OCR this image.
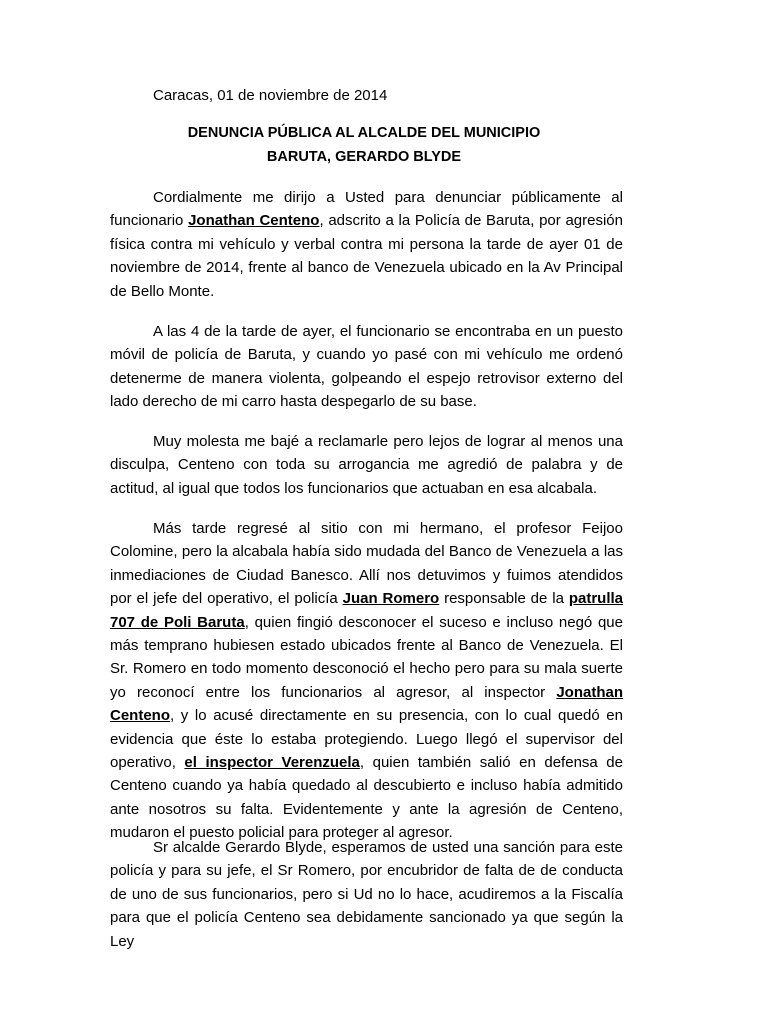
Caracas, 01 de noviembre de 2014
DENUNCIA PÚBLICA AL ALCALDE DEL MUNICIPIO
BARUTA, GERARDO BLYDE

Cordialmente me dirijo a Usted para denunciar públicamente al funcionario Jonathan Centeno, adscrito a la Policía de Baruta, por agresión física contra mi vehículo y verbal contra mi persona la tarde de ayer 01 de noviembre de 2014, frente al banco de Venezuela ubicado en la Av Principal de Bello Monte.

A las 4 de la tarde de ayer, el funcionario se encontraba en un puesto móvil de policía de Baruta, y cuando yo pasé con mi vehículo me ordenó detenerme de manera violenta, golpeando el espejo retrovisor externo del lado derecho de mi carro hasta despegarlo de su base.

Muy molesta me bajé a reclamarle pero lejos de lograr al menos una disculpa, Centeno con toda su arrogancia me agredió de palabra y de actitud, al igual que todos los funcionarios que actuaban en esa alcabala.

Más tarde regresé al sitio con mi hermano, el profesor Feijoo Colomine, pero la alcabala había sido mudada del Banco de Venezuela a las inmediaciones de Ciudad Banesco. Allí nos detuvimos y fuimos atendidos por el jefe del operativo, el policía Juan Romero responsable de la patrulla 707 de Poli Baruta, quien fingió desconocer el suceso e incluso negó que más temprano hubiesen estado ubicados frente al Banco de Venezuela. El Sr. Romero en todo momento desconoció el hecho pero para su mala suerte yo reconocí entre los funcionarios al agresor, al inspector Jonathan Centeno, y lo acusé directamente en su presencia, con lo cual quedó en evidencia que éste lo estaba protegiendo. Luego llegó el supervisor del operativo, el inspector Verenzuela, quien también salió en defensa de Centeno cuando ya había quedado al descubierto e incluso había admitido ante nosotros su falta. Evidentemente y ante la agresión de Centeno, mudaron el puesto policial para proteger al agresor.

Sr alcalde Gerardo Blyde, esperamos de usted una sanción para este policía y para su jefe, el Sr Romero, por encubridor de falta de de conducta de uno de sus funcionarios, pero si Ud no lo hace, acudiremos a la Fiscalía para que el policía Centeno sea debidamente sancionado ya que según la Ley
